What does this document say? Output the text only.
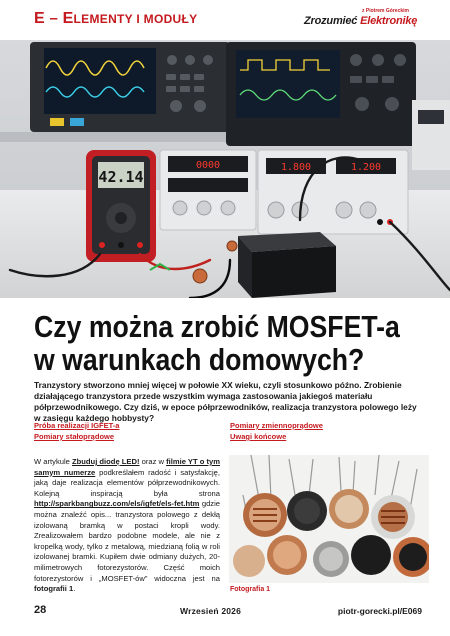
E – ELEMENTY I MODUŁY
z Piotrem Góreckim
Zrozumieć Elektronikę
42.14
0000	1.800	1.200
Czy można zrobić MOSFET-a
w warunkach domowych?

Tranzystory stworzono mniej więcej w połowie XX wieku, czyli stosunkowo późno. Zrobienie działającego tranzystora przede wszystkim wymaga zastosowania jakiegoś materiału półprzewodnikowego. Czy dziś, w epoce półprzewodników, realizacja tranzystora polowego leży w zasięgu każdego hobbysty?

Próba realizacji IGFET-a
Pomiary stałoprądowe
Pomiary zmiennoprądowe
Uwagi końcowe
W artykule Zbuduj diodę LED! oraz w filmie YT o tym samym numerze podkreślałem radość i satysfakcję, jaką daje realizacja elementów półprzewodnikowych. Kolejną inspiracją była strona http://sparkbangbuzz.com/els/igfet/els-fet.htm gdzie można znaleźć opis... tranzystora polowego z dekłą izolowaną bramką w postaci kropli wody. Zrealizowałem bardzo podobne modele, ale nie z kropelką wody, tylko z metalową, miedzianą folią w roli izolowanej bramki. Kupiłem dwie odmiany dużych, 20-milimetrowych fotorezystorów. Część moich fotorezystorów i „MOSFET-ów” widoczna jest na fotografii 1.	Fotografia 1
28	Wrzesień 2026	piotr-gorecki.pl/E069
